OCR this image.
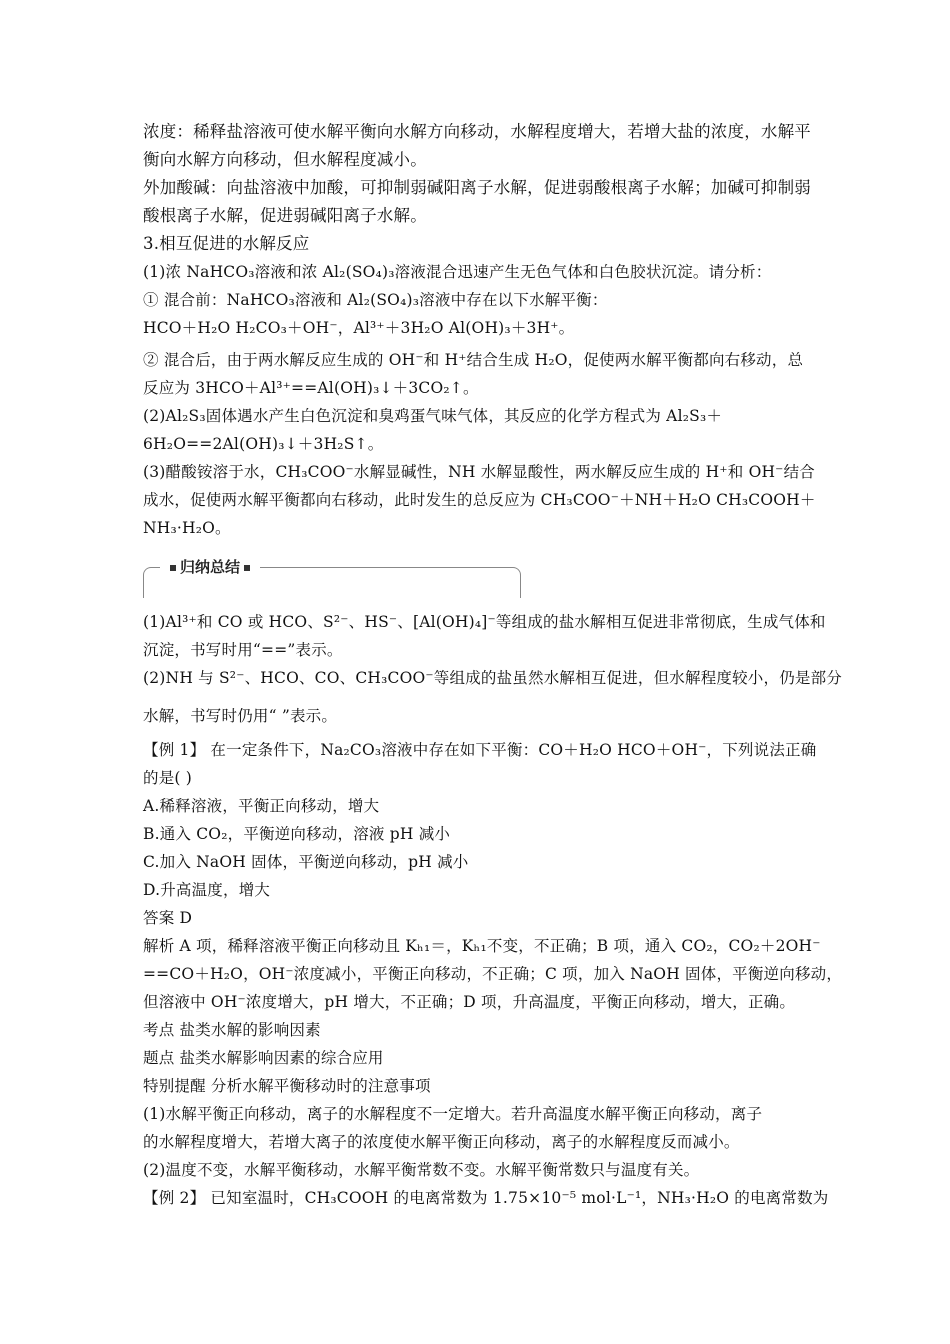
浓度：稀释盐溶液可使水解平衡向水解方向移动，水解程度增大，若增大盐的浓度，水解平
衡向水解方向移动，但水解程度减小。
外加酸碱：向盐溶液中加酸，可抑制弱碱阳离子水解，促进弱酸根离子水解；加碱可抑制弱
酸根离子水解，促进弱碱阳离子水解。
3.相互促进的水解反应
(1)浓 NaHCO₃溶液和浓 Al₂(SO₄)₃溶液混合迅速产生无色气体和白色胶状沉淀。请分析：
① 混合前：NaHCO₃溶液和 Al₂(SO₄)₃溶液中存在以下水解平衡：
HCO＋H₂O H₂CO₃＋OH⁻，Al³⁺＋3H₂O Al(OH)₃＋3H⁺。
② 混合后，由于两水解反应生成的 OH⁻和 H⁺结合生成 H₂O，促使两水解平衡都向右移动，总
反应为 3HCO＋Al³⁺==Al(OH)₃↓＋3CO₂↑。
(2)Al₂S₃固体遇水产生白色沉淀和臭鸡蛋气味气体，其反应的化学方程式为 Al₂S₃＋
6H₂O==2Al(OH)₃↓＋3H₂S↑。
(3)醋酸铵溶于水，CH₃COO⁻水解显碱性，NH 水解显酸性，两水解反应生成的 H⁺和 OH⁻结合
成水，促使两水解平衡都向右移动，此时发生的总反应为 CH₃COO⁻＋NH＋H₂O CH₃COOH＋
NH₃·H₂O。
归纳总结
(1)Al³⁺和 CO 或 HCO、S²⁻、HS⁻、[Al(OH)₄]⁻等组成的盐水解相互促进非常彻底，生成气体和
沉淀，书写时用“==”表示。
(2)NH 与 S²⁻、HCO、CO、CH₃COO⁻等组成的盐虽然水解相互促进，但水解程度较小，仍是部分
水解，书写时仍用“ ”表示。
【例 1】 在一定条件下，Na₂CO₃溶液中存在如下平衡：CO＋H₂O HCO＋OH⁻，下列说法正确
的是( )
A.稀释溶液，平衡正向移动，增大
B.通入 CO₂，平衡逆向移动，溶液 pH 减小
C.加入 NaOH 固体，平衡逆向移动，pH 减小
D.升高温度，增大
答案 D
解析 A 项，稀释溶液平衡正向移动且 Kₕ₁＝，Kₕ₁不变，不正确；B 项，通入 CO₂，CO₂＋2OH⁻
==CO＋H₂O，OH⁻浓度减小，平衡正向移动，不正确；C 项，加入 NaOH 固体，平衡逆向移动，
但溶液中 OH⁻浓度增大，pH 增大，不正确；D 项，升高温度，平衡正向移动，增大，正确。
考点 盐类水解的影响因素
题点 盐类水解影响因素的综合应用
特别提醒 分析水解平衡移动时的注意事项
(1)水解平衡正向移动，离子的水解程度不一定增大。若升高温度水解平衡正向移动，离子
的水解程度增大，若增大离子的浓度使水解平衡正向移动，离子的水解程度反而减小。
(2)温度不变，水解平衡移动，水解平衡常数不变。水解平衡常数只与温度有关。
【例 2】 已知室温时，CH₃COOH 的电离常数为 1.75×10⁻⁵ mol·L⁻¹，NH₃·H₂O 的电离常数为
